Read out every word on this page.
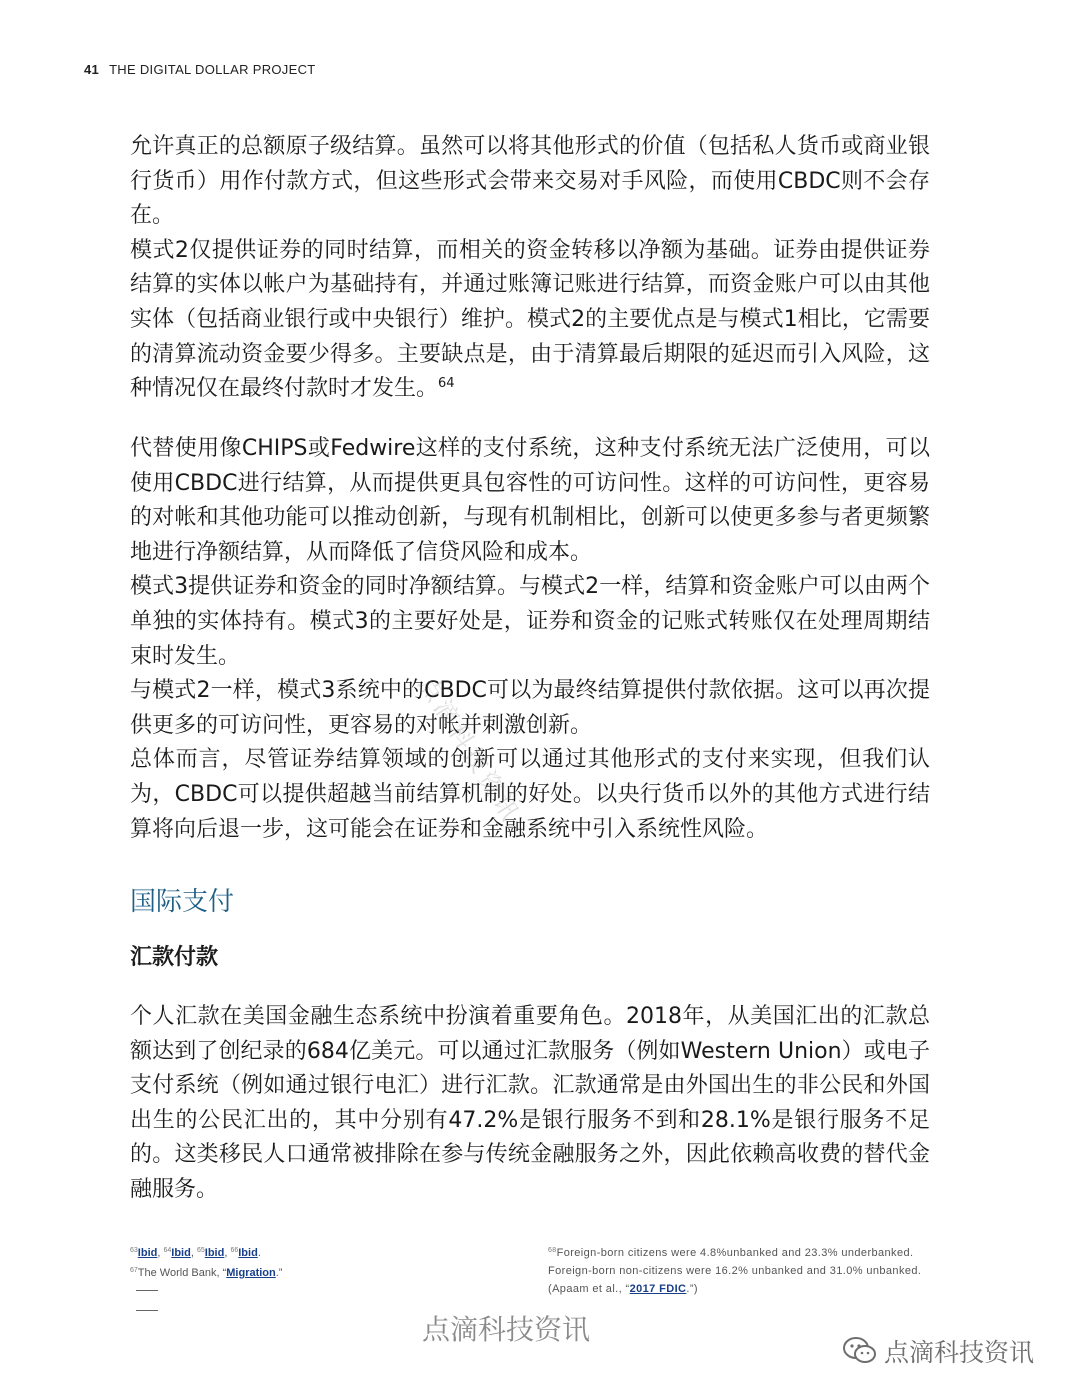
41 THE DIGITAL DOLLAR PROJECT

允许真正的总额原子级结算。虽然可以将其他形式的价值（包括私人货币或商业银行货币）用作付款方式，但这些形式会带来交易对手风险，而使用CBDC则不会存在。

模式2仅提供证券的同时结算，而相关的资金转移以净额为基础。证券由提供证券结算的实体以帐户为基础持有，并通过账簿记账进行结算，而资金账户可以由其他实体（包括商业银行或中央银行）维护。模式2的主要优点是与模式1相比，它需要的清算流动资金要少得多。主要缺点是，由于清算最后期限的延迟而引入风险，这种情况仅在最终付款时才发生。$^{64}$

代替使用像CHIPS或Fedwire这样的支付系统，这种支付系统无法广泛使用，可以使用CBDC进行结算，从而提供更具包容性的可访问性。这样的可访问性，更容易的对帐和其他功能可以推动创新，与现有机制相比，创新可以使更多参与者更频繁地进行净额结算，从而降低了信贷风险和成本。

模式3提供证券和资金的同时净额结算。与模式2一样，结算和资金账户可以由两个单独的实体持有。模式3的主要好处是，证券和资金的记账式转账仅在处理周期结束时发生。

与模式2一样，模式3系统中的CBDC可以为最终结算提供付款依据。这可以再次提供更多的可访问性，更容易的对帐并刺激创新。

总体而言，尽管证券结算领域的创新可以通过其他形式的支付来实现，但我们认为，CBDC可以提供超越当前结算机制的好处。以央行货币以外的其他方式进行结算将向后退一步，这可能会在证券和金融系统中引入系统性风险。

国际支付
汇款付款

个人汇款在美国金融生态系统中扮演着重要角色。2018年，从美国汇出的汇款总额达到了创纪录的684亿美元。可以通过汇款服务（例如Western Union）或电子支付系统（例如通过银行电汇）进行汇款。汇款通常是由外国出生的非公民和外国出生的公民汇出的，其中分别有47.2%是银行服务不到和28.1%是银行服务不足的。这类移民人口通常被排除在参与传统金融服务之外，因此依赖高收费的替代金融服务。

点滴科技资讯
$^{63}$Ibid, $^{64}$Ibid, $^{65}$Ibid, $^{66}$Ibid.
$^{67}$The World Bank, “Migration.”
$^{68}$Foreign-born citizens were 4.8%unbanked and 23.3% underbanked. Foreign-born non-citizens were 16.2% unbanked and 31.0% unbanked. (Apaam et al., “2017 FDIC.”)
点滴科技资讯
点滴科技资讯
